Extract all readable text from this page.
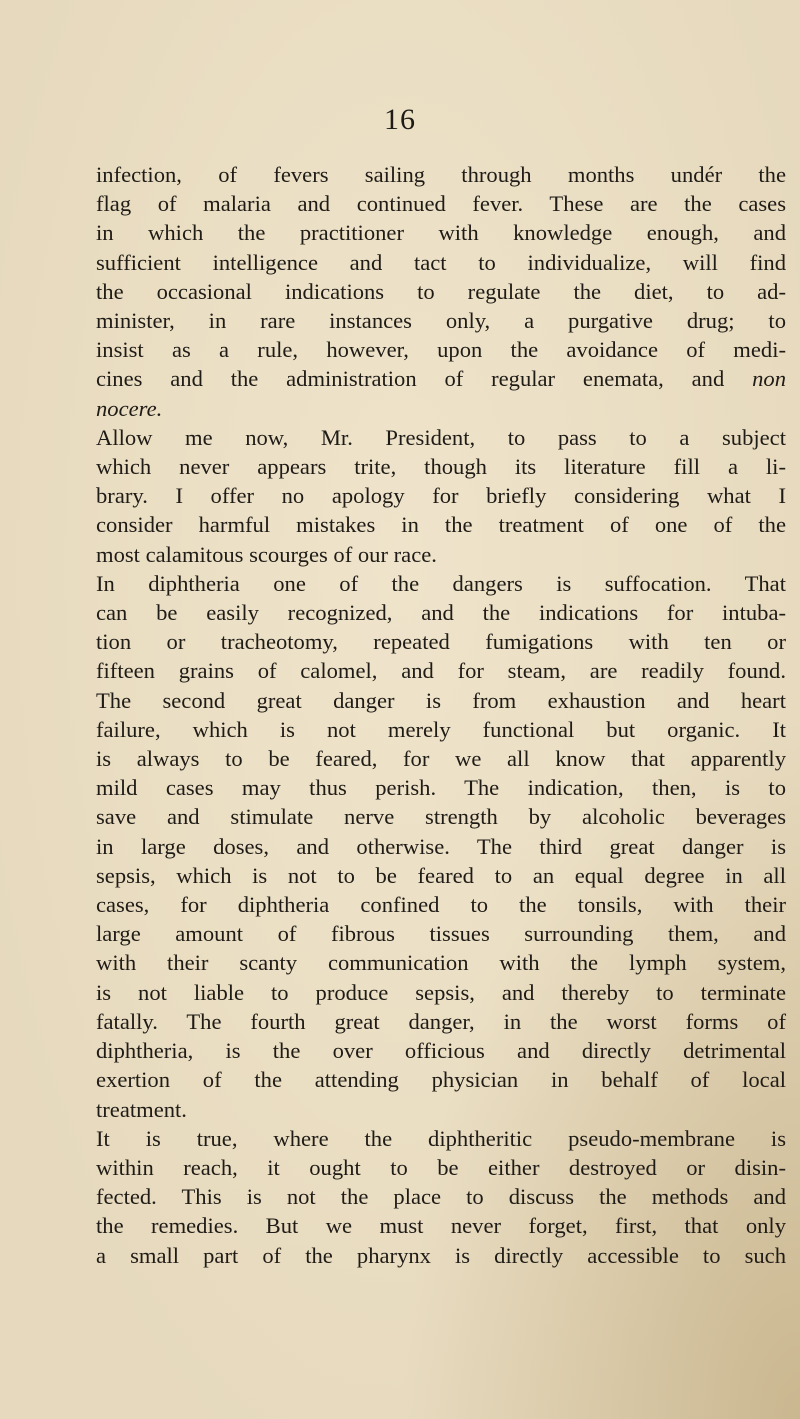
16
infection, of fevers sailing through months undér the
flag of malaria and continued fever. These are the cases
in which the practitioner with knowledge enough, and
sufficient intelligence and tact to individualize, will find
the occasional indications to regulate the diet, to ad-
minister, in rare instances only, a purgative drug; to
insist as a rule, however, upon the avoidance of medi-
cines and the administration of regular enemata, and non
nocere.
Allow me now, Mr. President, to pass to a subject
which never appears trite, though its literature fill a li-
brary. I offer no apology for briefly considering what I
consider harmful mistakes in the treatment of one of the
most calamitous scourges of our race.
In diphtheria one of the dangers is suffocation. That
can be easily recognized, and the indications for intuba-
tion or tracheotomy, repeated fumigations with ten or
fifteen grains of calomel, and for steam, are readily found.
The second great danger is from exhaustion and heart
failure, which is not merely functional but organic. It
is always to be feared, for we all know that apparently
mild cases may thus perish. The indication, then, is to
save and stimulate nerve strength by alcoholic beverages
in large doses, and otherwise. The third great danger is
sepsis, which is not to be feared to an equal degree in all
cases, for diphtheria confined to the tonsils, with their
large amount of fibrous tissues surrounding them, and
with their scanty communication with the lymph system,
is not liable to produce sepsis, and thereby to terminate
fatally. The fourth great danger, in the worst forms of
diphtheria, is the over officious and directly detrimental
exertion of the attending physician in behalf of local
treatment.
It is true, where the diphtheritic pseudo-membrane is
within reach, it ought to be either destroyed or disin-
fected. This is not the place to discuss the methods and
the remedies. But we must never forget, first, that only
a small part of the pharynx is directly accessible to such
